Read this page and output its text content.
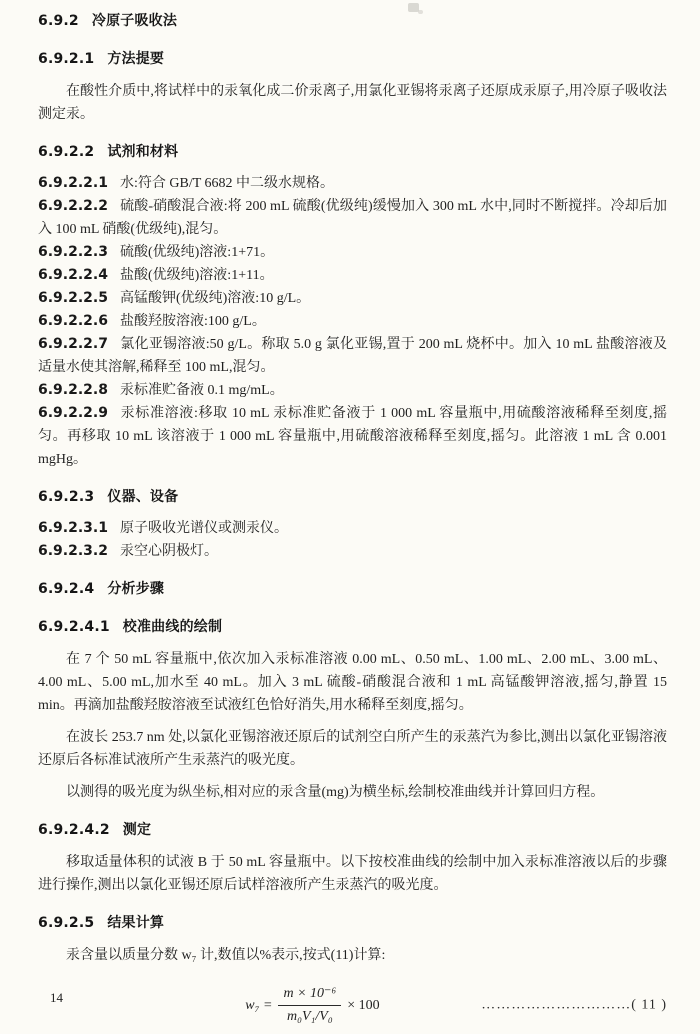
6.9.2 冷原子吸收法
6.9.2.1 方法提要

在酸性介质中,将试样中的汞氧化成二价汞离子,用氯化亚锡将汞离子还原成汞原子,用冷原子吸收法测定汞。

6.9.2.2 试剂和材料

6.9.2.2.1 水:符合 GB/T 6682 中二级水规格。

6.9.2.2.2 硫酸-硝酸混合液:将 200 mL 硫酸(优级纯)缓慢加入 300 mL 水中,同时不断搅拌。冷却后加入 100 mL 硝酸(优级纯),混匀。

6.9.2.2.3 硫酸(优级纯)溶液:1+71。

6.9.2.2.4 盐酸(优级纯)溶液:1+11。

6.9.2.2.5 高锰酸钾(优级纯)溶液:10 g/L。

6.9.2.2.6 盐酸羟胺溶液:100 g/L。

6.9.2.2.7 氯化亚锡溶液:50 g/L。称取 5.0 g 氯化亚锡,置于 200 mL 烧杯中。加入 10 mL 盐酸溶液及适量水使其溶解,稀释至 100 mL,混匀。

6.9.2.2.8 汞标准贮备液 0.1 mg/mL。

6.9.2.2.9 汞标准溶液:移取 10 mL 汞标准贮备液于 1 000 mL 容量瓶中,用硫酸溶液稀释至刻度,摇匀。再移取 10 mL 该溶液于 1 000 mL 容量瓶中,用硫酸溶液稀释至刻度,摇匀。此溶液 1 mL 含 0.001 mgHg。

6.9.2.3 仪器、设备

6.9.2.3.1 原子吸收光谱仪或测汞仪。

6.9.2.3.2 汞空心阴极灯。

6.9.2.4 分析步骤
6.9.2.4.1 校准曲线的绘制

在 7 个 50 mL 容量瓶中,依次加入汞标准溶液 0.00 mL、0.50 mL、1.00 mL、2.00 mL、3.00 mL、4.00 mL、5.00 mL,加水至 40 mL。加入 3 mL 硫酸-硝酸混合液和 1 mL 高锰酸钾溶液,摇匀,静置 15 min。再滴加盐酸羟胺溶液至试液红色恰好消失,用水稀释至刻度,摇匀。

在波长 253.7 nm 处,以氯化亚锡溶液还原后的试剂空白所产生的汞蒸汽为参比,测出以氯化亚锡溶液还原后各标准试液所产生汞蒸汽的吸光度。

以测得的吸光度为纵坐标,相对应的汞含量(mg)为横坐标,绘制校准曲线并计算回归方程。

6.9.2.4.2 测定

移取适量体积的试液 B 于 50 mL 容量瓶中。以下按校准曲线的绘制中加入汞标准溶液以后的步骤进行操作,测出以氯化亚锡还原后试样溶液所产生汞蒸汽的吸光度。

6.9.2.5 结果计算

汞含量以质量分数 w₇ 计,数值以%表示,按式(11)计算:

$w_7 = \frac{\text{m × 10⁻⁶}}{\text{m₀V₁/V₀}} \times 100$	…………………………( 11 )
14
